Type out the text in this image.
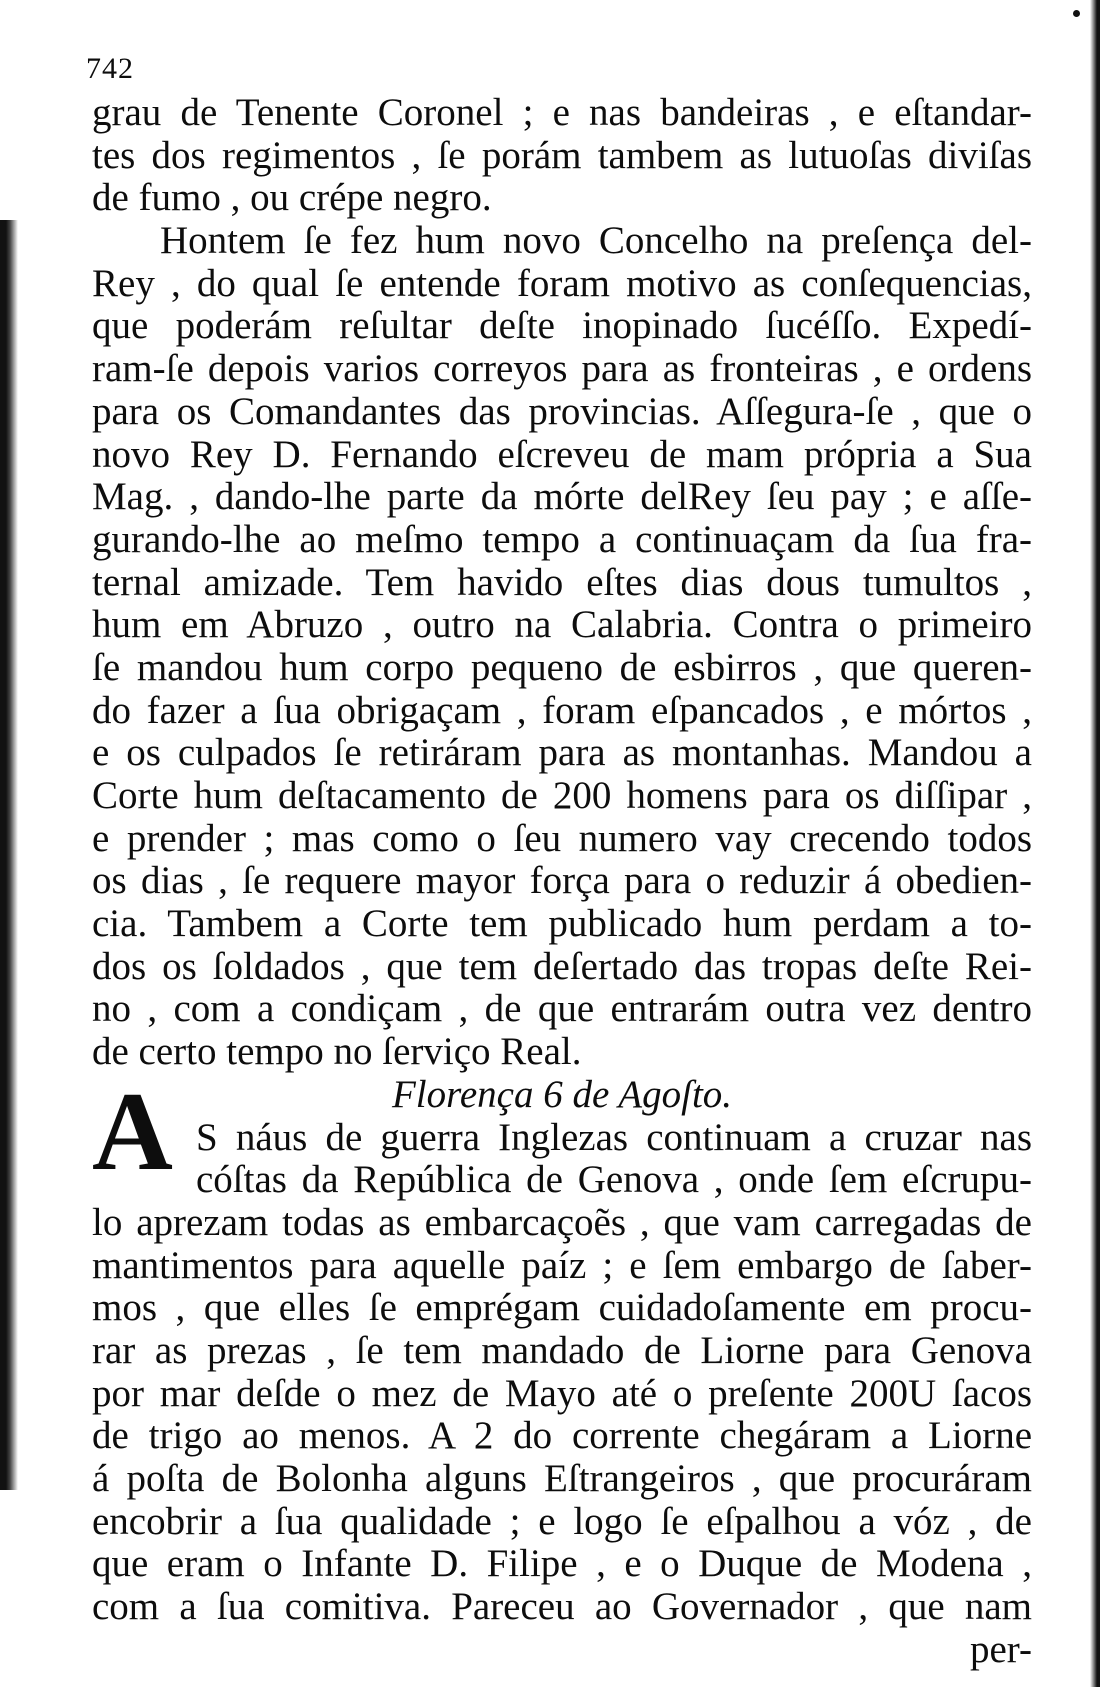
742
grau de Tenente Coronel ; e nas bandeiras , e eſtandar-
tes dos regimentos , ſe porám tambem as lutuoſas diviſas
de fumo , ou crépe negro.
Hontem ſe fez hum novo Concelho na preſença del-
Rey , do qual ſe entende foram motivo as conſequencias,
que poderám reſultar deſte inopinado ſucéſſo. Expedí-
ram-ſe depois varios correyos para as fronteiras , e ordens
para os Comandantes das provincias. Aſſegura-ſe , que o
novo Rey D. Fernando eſcreveu de mam própria a Sua
Mag. , dando-lhe parte da mórte delRey ſeu pay ; e aſſe-
gurando-lhe ao meſmo tempo a continuaçam da ſua fra-
ternal amizade. Tem havido eſtes dias dous tumultos ,
hum em Abruzo , outro na Calabria. Contra o primeiro
ſe mandou hum corpo pequeno de esbirros , que queren-
do fazer a ſua obrigaçam , foram eſpancados , e mórtos ,
e os culpados ſe retiráram para as montanhas. Mandou a
Corte hum deſtacamento de 200 homens para os diſſipar ,
e prender ; mas como o ſeu numero vay crecendo todos
os dias , ſe requere mayor força para o reduzir á obedien-
cia. Tambem a Corte tem publicado hum perdam a to-
dos os ſoldados , que tem deſertado das tropas deſte Rei-
no , com a condiçam , de que entrarám outra vez dentro
de certo tempo no ſerviço Real.
Florença 6 de Agoſto.
S náus de guerra Inglezas continuam a cruzar nas
cóſtas da República de Genova , onde ſem eſcrupu-
lo aprezam todas as embarcaçoẽs , que vam carregadas de
mantimentos para aquelle paíz ; e ſem embargo de ſaber-
mos , que elles ſe emprégam cuidadoſamente em procu-
rar as prezas , ſe tem mandado de Liorne para Genova
por mar deſde o mez de Mayo até o preſente 200U ſacos
de trigo ao menos. A 2 do corrente chegáram a Liorne
á poſta de Bolonha alguns Eſtrangeiros , que procuráram
encobrir a ſua qualidade ; e logo ſe eſpalhou a vóz , de
que eram o Infante D. Filipe , e o Duque de Modena ,
com a ſua comitiva. Pareceu ao Governador , que nam
per-
A
